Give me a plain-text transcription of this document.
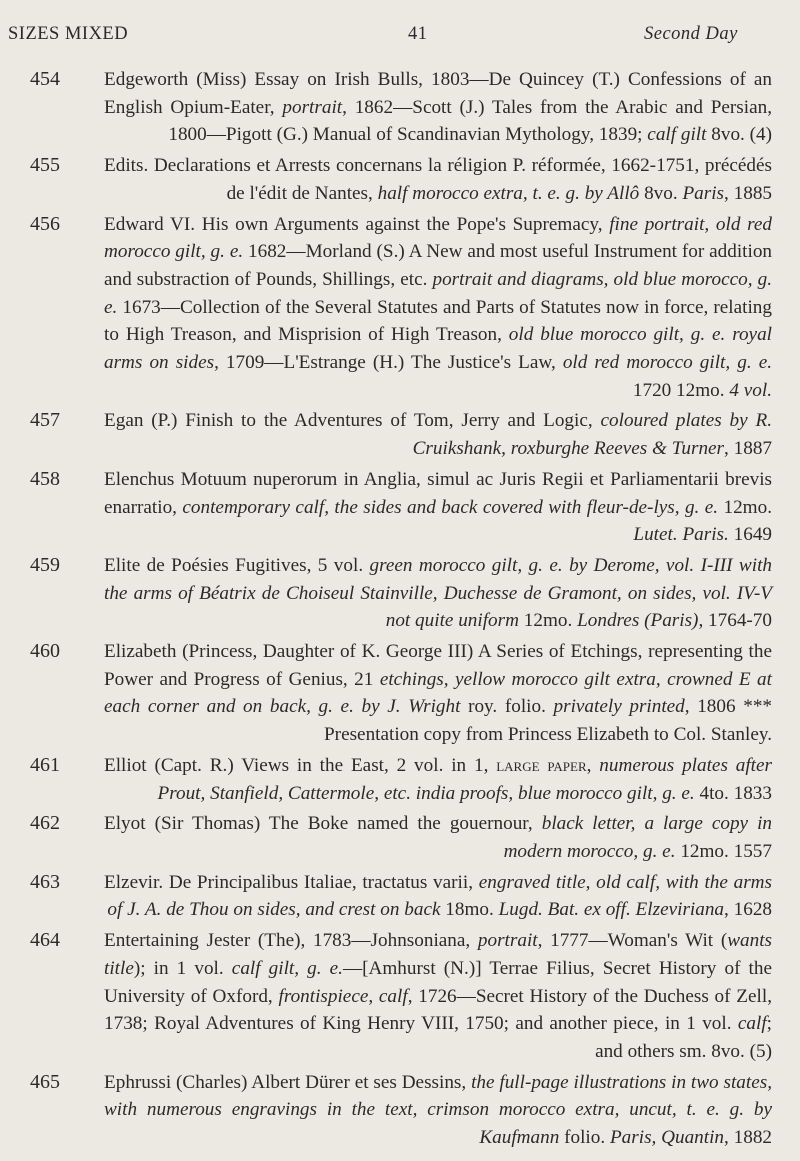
SIZES MIXED	41	Second Day
454 Edgeworth (Miss) Essay on Irish Bulls, 1803—De Quincey (T.) Confessions of an English Opium-Eater, portrait, 1862—Scott (J.) Tales from the Arabic and Persian, 1800—Pigott (G.) Manual of Scandinavian Mythology, 1839; calf gilt 8vo. (4)
455 Edits. Declarations et Arrests concernans la réligion P. réformée, 1662-1751, précédés de l'édit de Nantes, half morocco extra, t. e. g. by Allô 8vo. Paris, 1885
456 Edward VI. His own Arguments against the Pope's Supremacy, fine portrait, old red morocco gilt, g. e. 1682—Morland (S.) A New and most useful Instrument for addition and substraction of Pounds, Shillings, etc. portrait and diagrams, old blue morocco, g. e. 1673—Collection of the Several Statutes and Parts of Statutes now in force, relating to High Treason, and Misprision of High Treason, old blue morocco gilt, g. e. royal arms on sides, 1709—L'Estrange (H.) The Justice's Law, old red morocco gilt, g. e. 1720 12mo. 4 vol.
457 Egan (P.) Finish to the Adventures of Tom, Jerry and Logic, coloured plates by R. Cruikshank, roxburghe Reeves & Turner, 1887
458 Elenchus Motuum nuperorum in Anglia, simul ac Juris Regii et Parliamentarii brevis enarratio, contemporary calf, the sides and back covered with fleur-de-lys, g. e. 12mo. Lutet. Paris. 1649
459 Elite de Poésies Fugitives, 5 vol. green morocco gilt, g. e. by Derome, vol. I-III with the arms of Béatrix de Choiseul Stainville, Duchesse de Gramont, on sides, vol. IV-V not quite uniform 12mo. Londres (Paris), 1764-70
460 Elizabeth (Princess, Daughter of K. George III) A Series of Etchings, representing the Power and Progress of Genius, 21 etchings, yellow morocco gilt extra, crowned E at each corner and on back, g. e. by J. Wright roy. folio. privately printed, 1806 *** Presentation copy from Princess Elizabeth to Col. Stanley.
461 Elliot (Capt. R.) Views in the East, 2 vol. in 1, large paper, numerous plates after Prout, Stanfield, Cattermole, etc. india proofs, blue morocco gilt, g. e. 4to. 1833
462 Elyot (Sir Thomas) The Boke named the gouernour, black letter, a large copy in modern morocco, g. e. 12mo. 1557
463 Elzevir. De Principalibus Italiae, tractatus varii, engraved title, old calf, with the arms of J. A. de Thou on sides, and crest on back 18mo. Lugd. Bat. ex off. Elzeviriana, 1628
464 Entertaining Jester (The), 1783—Johnsoniana, portrait, 1777—Woman's Wit (wants title); in 1 vol. calf gilt, g. e.—[Amhurst (N.)] Terrae Filius, Secret History of the University of Oxford, frontispiece, calf, 1726—Secret History of the Duchess of Zell, 1738; Royal Adventures of King Henry VIII, 1750; and another piece, in 1 vol. calf; and others sm. 8vo. (5)
465 Ephrussi (Charles) Albert Dürer et ses Dessins, the full-page illustrations in two states, with numerous engravings in the text, crimson morocco extra, uncut, t. e. g. by Kaufmann folio. Paris, Quantin, 1882
